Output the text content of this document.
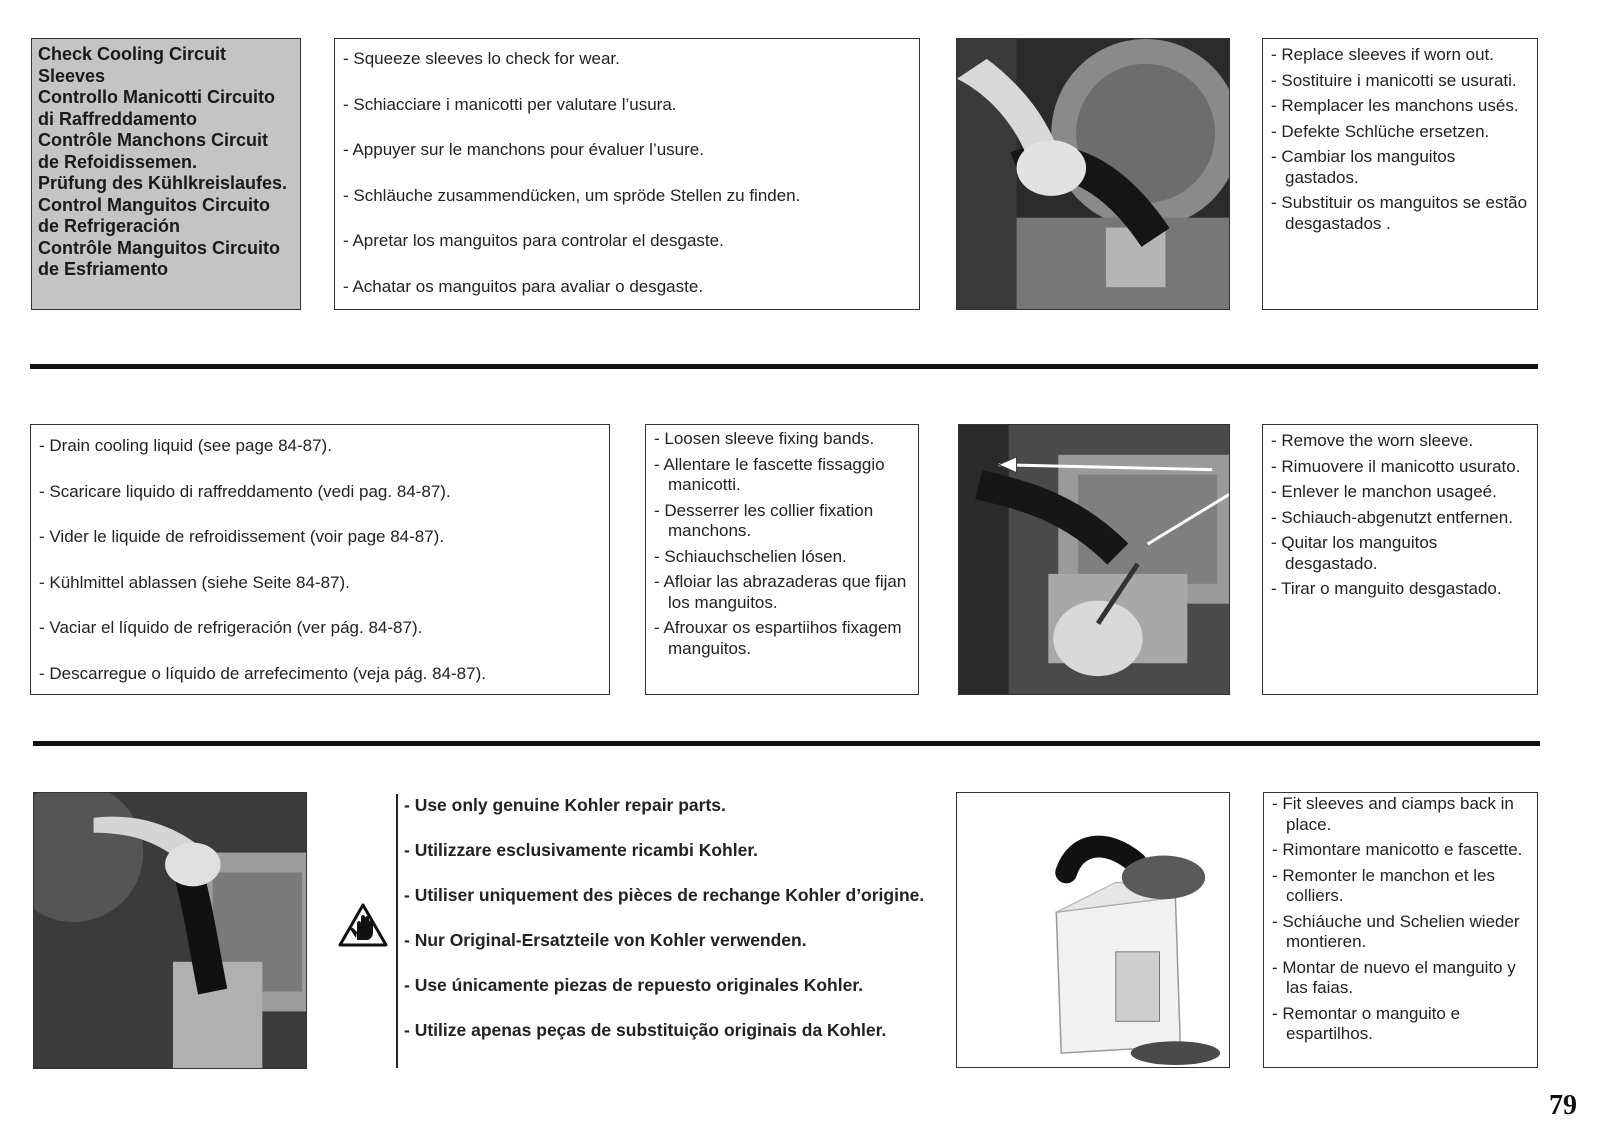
Check Cooling Circuit
Sleeves
Controllo Manicotti Circuito
di Raffreddamento
Contrôle Manchons Circuit
de Refoidissemen.
Prüfung des Kühlkreislaufes.
Control Manguitos Circuito
de Refrigeración
Contrôle Manguitos Circuito
de Esfriamento
- Squeeze sleeves lo check for wear.
- Schiacciare i manicotti per valutare l’usura.
- Appuyer sur le manchons pour évaluer l’usure.
- Schläuche zusammendücken, um spröde Stellen zu finden.
- Apretar los manguitos para controlar el desgaste.
- Achatar os manguitos para avaliar o desgaste.
- Replace sleeves if worn out.
- Sostituire i manicotti se usurati.
- Remplacer les manchons usés.
- Defekte Schlüche ersetzen.
- Cambiar los manguitos gastados.
- Substituir os manguitos se estão desgastados .
- Drain cooling liquid (see page 84-87).
- Scaricare liquido di raffreddamento (vedi pag. 84-87).
- Vider le liquide de refroidissement (voir page 84-87).
- Kühlmittel ablassen (siehe Seite 84-87).
- Vaciar el líquido de refrigeración (ver pág. 84-87).
- Descarregue o líquido de arrefecimento (veja pág. 84-87).
- Loosen sleeve fixing bands.
- Allentare le fascette fissaggio manicotti.
- Desserrer les collier fixation manchons.
- Schiauchschelien lósen.
- Afloiar las abrazaderas que fijan los manguitos.
- Afrouxar os espartiihos fixagem manguitos.
- Remove the worn sleeve.
- Rimuovere il manicotto usurato.
- Enlever le manchon usageé.
- Schiauch-abgenutzt entfernen.
- Quitar los manguitos desgastado.
- Tirar o manguito desgastado.
- Use only genuine Kohler repair parts.
- Utilizzare esclusivamente ricambi Kohler.
- Utiliser uniquement des pièces de rechange Kohler d’origine.
- Nur Original-Ersatzteile von Kohler verwenden.
- Use únicamente piezas de repuesto originales Kohler.
- Utilize apenas peças de substituição originais da Kohler.
- Fit sleeves and ciamps back in place.
- Rimontare manicotto e fascette.
- Remonter le manchon et les colliers.
- Schiáuche und Schelien wieder montieren.
- Montar de nuevo el manguito y las faias.
- Remontar o manguito e espartilhos.
79
